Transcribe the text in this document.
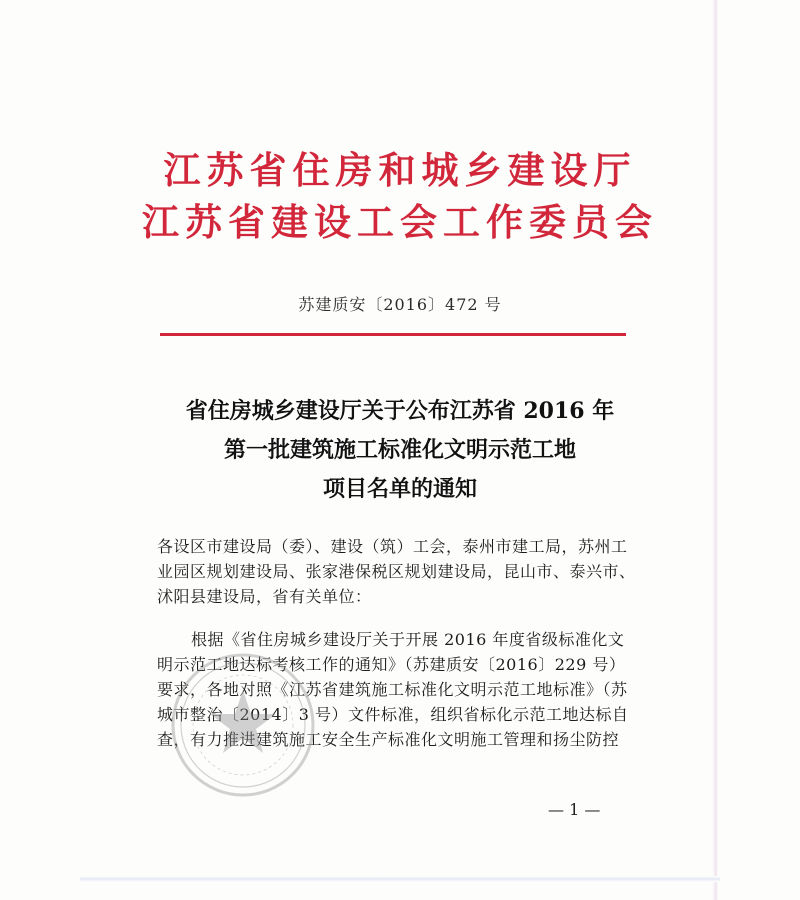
江苏省住房和城乡建设厅
江苏省建设工会工作委员会
苏建质安〔2016〕472 号
省住房城乡建设厅关于公布江苏省 2016 年
第一批建筑施工标准化文明示范工地
项目名单的通知
各设区市建设局（委）、建设（筑）工会，泰州市建工局，苏州工
业园区规划建设局、张家港保税区规划建设局，昆山市、泰兴市、
沭阳县建设局，省有关单位：
根据《省住房城乡建设厅关于开展 2016 年度省级标准化文
明示范工地达标考核工作的通知》（苏建质安〔2016〕229 号）
要求，各地对照《江苏省建筑施工标准化文明示范工地标准》（苏
城市整治〔2014〕3 号）文件标准，组织省标化示范工地达标自
查，有力推进建筑施工安全生产标准化文明施工管理和扬尘防控
— 1 —
